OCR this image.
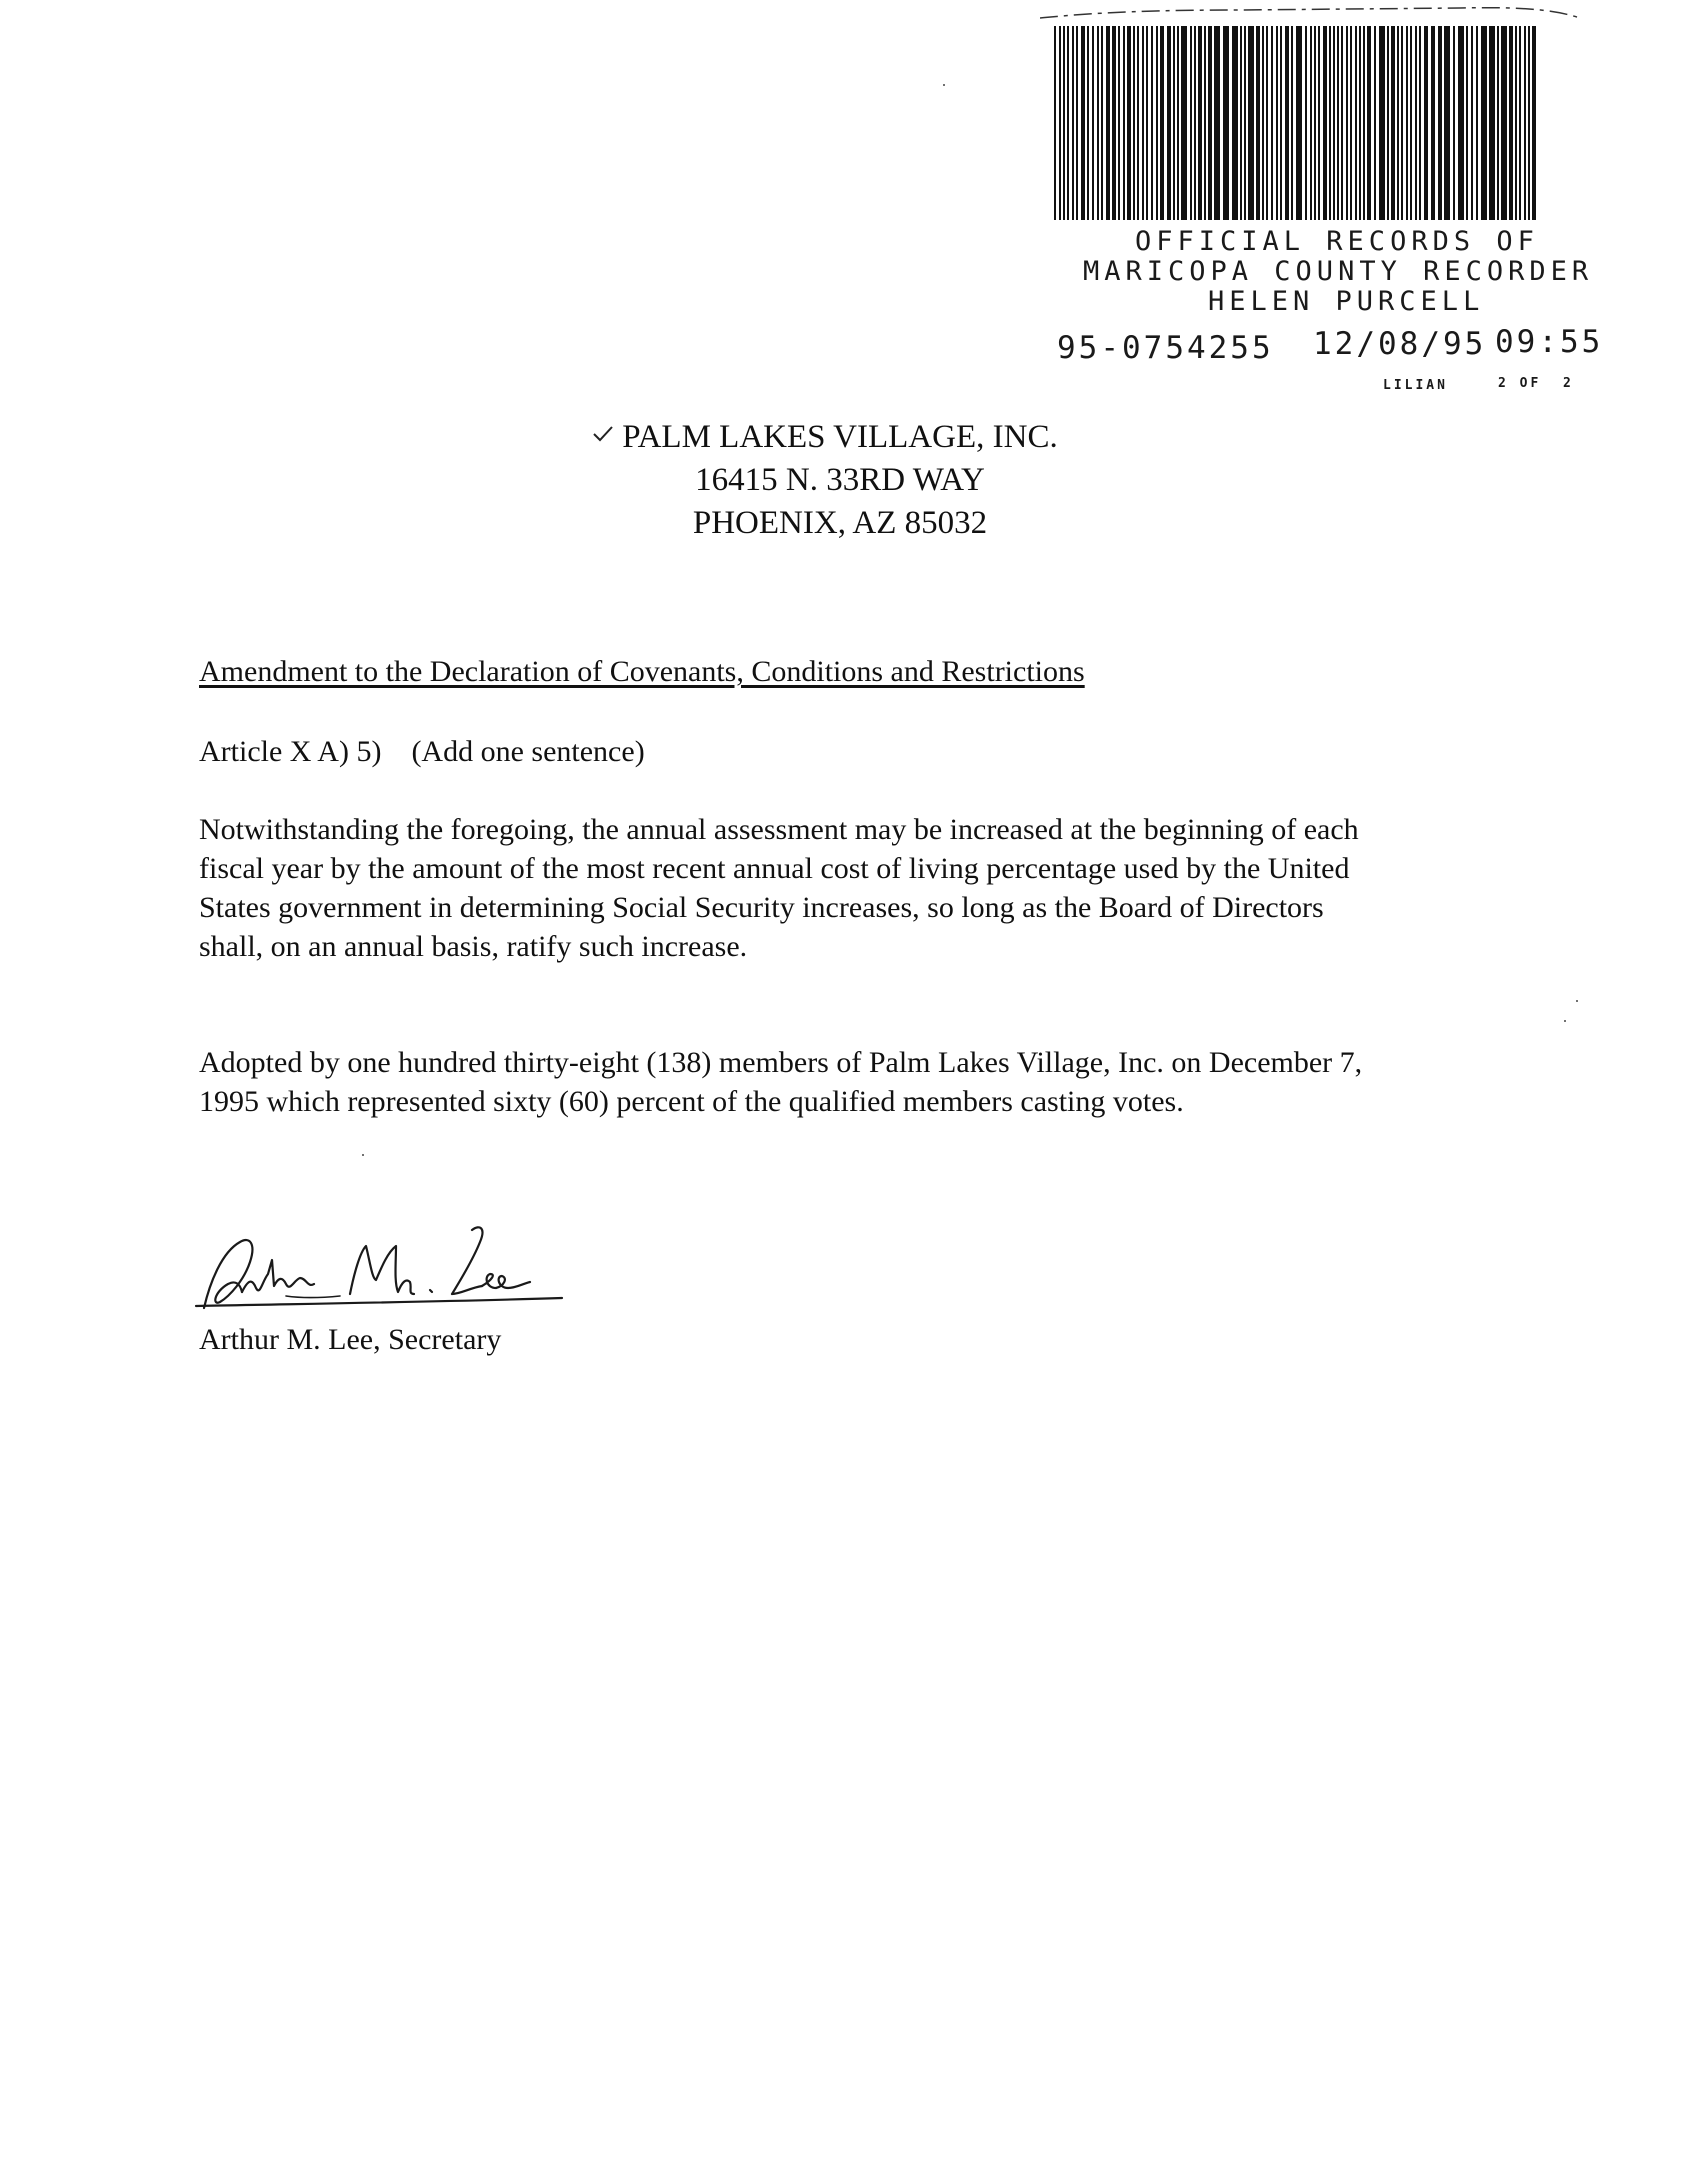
OFFICIAL RECORDS OF
MARICOPA COUNTY RECORDER
HELEN PURCELL
95-0754255 12/08/95 09:55
LILIAN	2 OF  2
PALM LAKES VILLAGE, INC.
16415 N. 33RD WAY
PHOENIX, AZ 85032
Amendment to the Declaration of Covenants, Conditions and Restrictions
Article X A) 5)    (Add one sentence)
Notwithstanding the foregoing, the annual assessment may be increased at the beginning of each
fiscal year by the amount of the most recent annual cost of living percentage used by the United
States government in determining Social Security increases, so long as the Board of Directors
shall, on an annual basis, ratify such increase.
Adopted by one hundred thirty-eight (138) members of Palm Lakes Village, Inc. on December 7,
1995 which represented sixty (60) percent of the qualified members casting votes.
Arthur M. Lee, Secretary
